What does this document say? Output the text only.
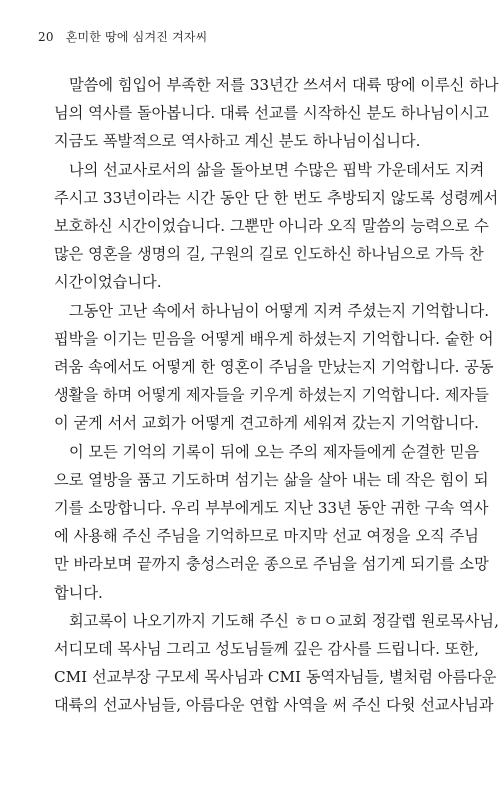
20 혼미한 땅에 심겨진 겨자씨

말씀에 힘입어 부족한 저를 33년간 쓰셔서 대륙 땅에 이루신 하나
님의 역사를 돌아봅니다. 대륙 선교를 시작하신 분도 하나님이시고
지금도 폭발적으로 역사하고 계신 분도 하나님이십니다.

나의 선교사로서의 삶을 돌아보면 수많은 핍박 가운데서도 지켜
주시고 33년이라는 시간 동안 단 한 번도 추방되지 않도록 성령께서
보호하신 시간이었습니다. 그뿐만 아니라 오직 말씀의 능력으로 수
많은 영혼을 생명의 길, 구원의 길로 인도하신 하나님으로 가득 찬
시간이었습니다.

그동안 고난 속에서 하나님이 어떻게 지켜 주셨는지 기억합니다.
핍박을 이기는 믿음을 어떻게 배우게 하셨는지 기억합니다. 숱한 어
려움 속에서도 어떻게 한 영혼이 주님을 만났는지 기억합니다. 공동
생활을 하며 어떻게 제자들을 키우게 하셨는지 기억합니다. 제자들
이 굳게 서서 교회가 어떻게 견고하게 세워져 갔는지 기억합니다.

이 모든 기억의 기록이 뒤에 오는 주의 제자들에게 순결한 믿음
으로 열방을 품고 기도하며 섬기는 삶을 살아 내는 데 작은 힘이 되
기를 소망합니다. 우리 부부에게도 지난 33년 동안 귀한 구속 역사
에 사용해 주신 주님을 기억하므로 마지막 선교 여정을 오직 주님
만 바라보며 끝까지 충성스러운 종으로 주님을 섬기게 되기를 소망
합니다.

회고록이 나오기까지 기도해 주신 ㅎㅁㅇ교회 정갈렙 원로목사님,
서디모데 목사님 그리고 성도님들께 깊은 감사를 드립니다. 또한,
CMI 선교부장 구모세 목사님과 CMI 동역자님들, 별처럼 아름다운
대륙의 선교사님들, 아름다운 연합 사역을 써 주신 다윗 선교사님과
